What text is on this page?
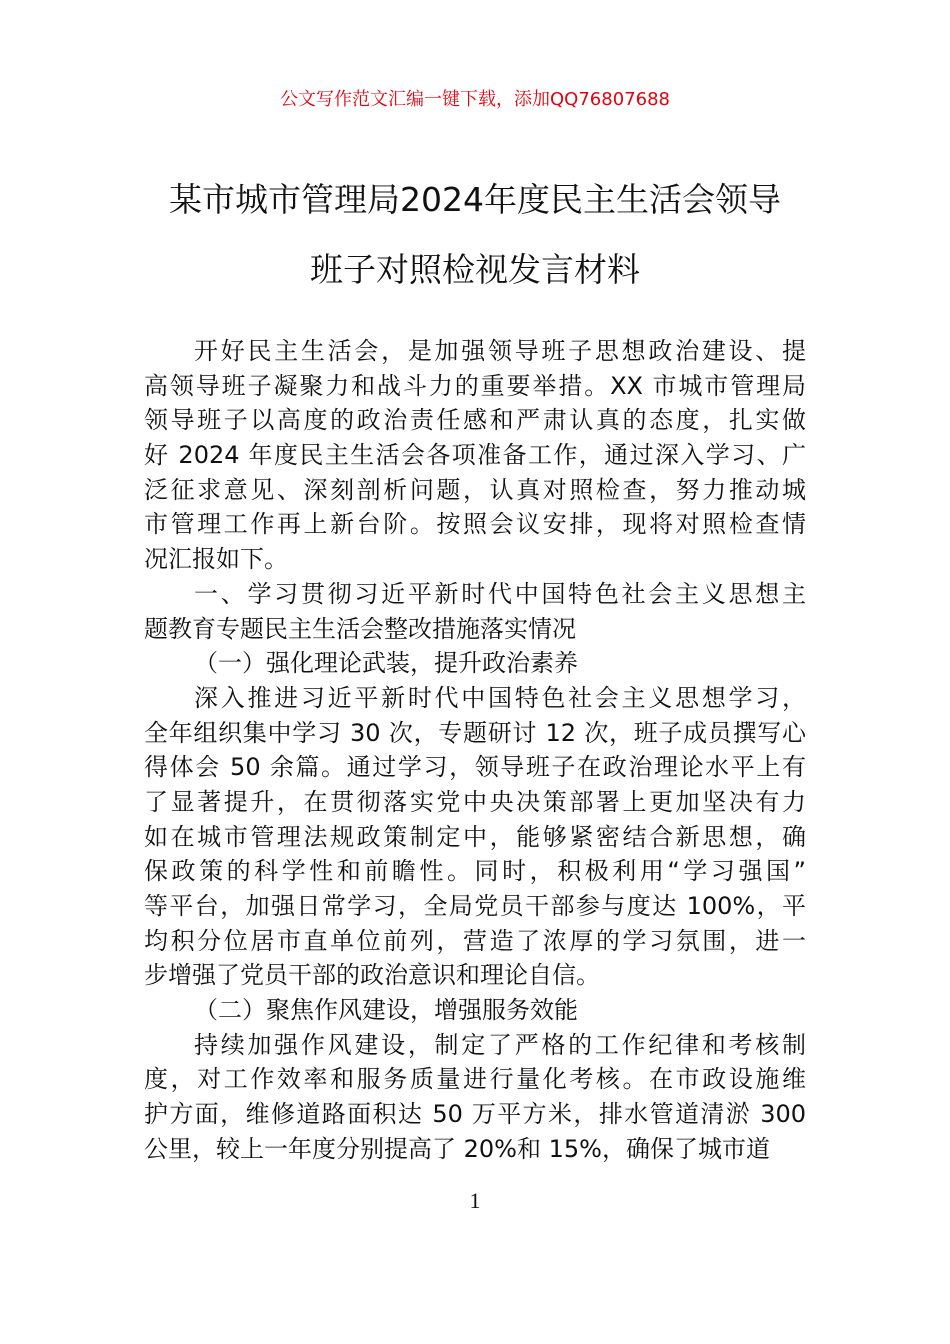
公文写作范文汇编一键下载，添加QQ76807688
某市城市管理局2024年度民主生活会领导
班子对照检视发言材料
开好民主生活会，是加强领导班子思想政治建设、提
高领导班子凝聚力和战斗力的重要举措。XX 市城市管理局
领导班子以高度的政治责任感和严肃认真的态度，扎实做
好 2024 年度民主生活会各项准备工作，通过深入学习、广
泛征求意见、深刻剖析问题，认真对照检查，努力推动城
市管理工作再上新台阶。按照会议安排，现将对照检查情
况汇报如下。
一、学习贯彻习近平新时代中国特色社会主义思想主
题教育专题民主生活会整改措施落实情况
（一）强化理论武装，提升政治素养
深入推进习近平新时代中国特色社会主义思想学习，
全年组织集中学习 30 次，专题研讨 12 次，班子成员撰写心
得体会 50 余篇。通过学习，领导班子在政治理论水平上有
了显著提升，在贯彻落实党中央决策部署上更加坚决有力
如在城市管理法规政策制定中，能够紧密结合新思想，确
保政策的科学性和前瞻性。同时，积极利用“学习强国”
等平台，加强日常学习，全局党员干部参与度达 100%，平
均积分位居市直单位前列，营造了浓厚的学习氛围，进一
步增强了党员干部的政治意识和理论自信。
（二）聚焦作风建设，增强服务效能
持续加强作风建设，制定了严格的工作纪律和考核制
度，对工作效率和服务质量进行量化考核。在市政设施维
护方面，维修道路面积达 50 万平方米，排水管道清淤 300
公里，较上一年度分别提高了 20%和 15%，确保了城市道
1
